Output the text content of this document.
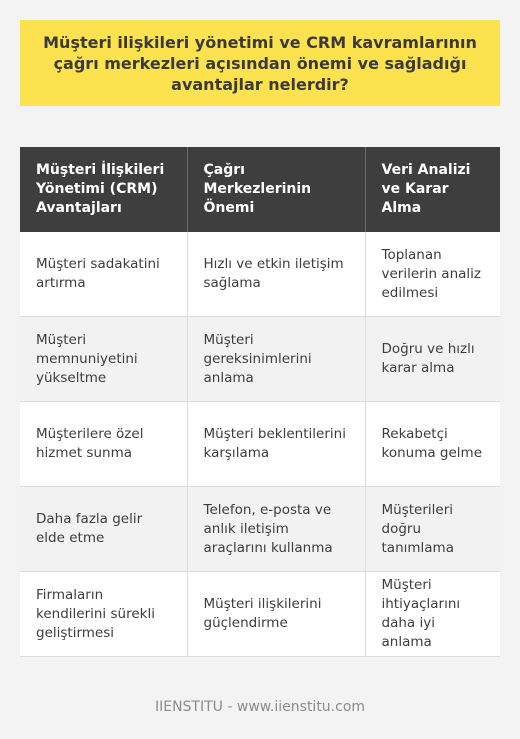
Müşteri ilişkileri yönetimi ve CRM kavramlarının çağrı merkezleri açısından önemi ve sağladığı avantajlar nelerdir?
Müşteri İlişkileri Yönetimi (CRM) Avantajları	Çağrı Merkezlerinin Önemi	Veri Analizi ve Karar Alma
Müşteri sadakatini artırma	Hızlı ve etkin iletişim sağlama	Toplanan verilerin analiz edilmesi
Müşteri memnuniyetini yükseltme	Müşteri gereksinimlerini anlama	Doğru ve hızlı karar alma
Müşterilere özel hizmet sunma	Müşteri beklentilerini karşılama	Rekabetçi konuma gelme
Daha fazla gelir elde etme	Telefon, e-posta ve anlık iletişim araçlarını kullanma	Müşterileri doğru tanımlama
Firmaların kendilerini sürekli geliştirmesi	Müşteri ilişkilerini güçlendirme	Müşteri ihtiyaçlarını daha iyi anlama
IIENSTITU - www.iienstitu.com
